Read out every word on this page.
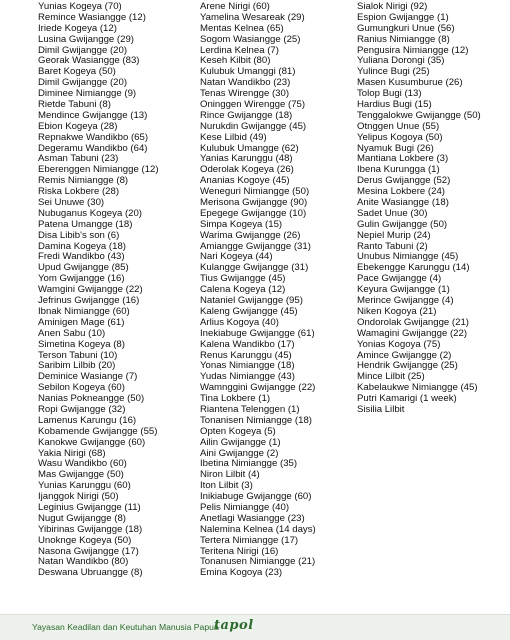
Yunias Kogeya (70)
Remince Wasiangge (12)
Iriede Kogeya (12)
Lusina Gwijangge (29)
Dimil Gwijangge (20)
Georak Wasiangge (83)
Baret Kogeya (50)
Dimil Gwijangge (20)
Diminee Nimiangge (9)
Rietde Tabuni (8)
Mendince Gwijangge (13)
Ebion Kogeya (28)
Repnakwe Wandikbo (65)
Degeramu Wandikbo (64)
Asman Tabuni (23)
Eberenggen Nimiangge (12)
Remis Nimiangge (8)
Riska Lokbere (28)
Sei Unuwe (30)
Nubuganus Kogeya (20)
Patena Umangge (18)
Disa Libib's son (6)
Damina Kogeya (18)
Fredi Wandikbo (43)
Upud Gwijangge (85)
Yom Gwijangge (16)
Wamgini Gwijangge (22)
Jefrinus Gwijangge (16)
Ibnak Nimiangge (60)
Aminigen Mage (61)
Anen Sabu (10)
Simetina Kogeya (8)
Terson Tabuni (10)
Saribim Lilbib (20)
Deminice Wasiange (7)
Sebilon Kogeya (60)
Nanias Pokneangge (50)
Ropi Gwijangge (32)
Lamenus Karungu (16)
Kobamende Gwijangge (55)
Kanokwe Gwijangge (60)
Yakia Nirigi (68)
Wasu Wandikbo (60)
Mas Gwijangge (50)
Yunias Karunggu (60)
Ijanggok Nirigi (50)
Leginius Gwijangge (11)
Nugut Gwijangge (8)
Yibirinas Gwijangge (18)
Unoknge Kogeya (50)
Nasona Gwijangge (17)
Natan Wandikbo (80)
Deswana Ubruangge (8)
Arene Nirigi (60)
Yamelina Wesareak (29)
Mentas Kelnea (65)
Sogom Wasiangge (25)
Lerdina Kelnea (7)
Keseh Kilbit (80)
Kulubuk Umanggi (81)
Natan Wandikbo (23)
Tenas Wirengge (30)
Oninggen Wirengge (75)
Rince Gwijangge (18)
Nurukdin Gwijangge (45)
Kese Lilbid (49)
Kulubuk Umangge (62)
Yanias Karunggu (48)
Oderolak Kogeya (26)
Ananias Kogoye (45)
Weneguri Nimiangge (50)
Merisona Gwijangge (90)
Epegege Gwijangge (10)
Simpa Kogeya (15)
Warima Gwijangge (26)
Amiangge Gwijangge (31)
Nari Kogeya (44)
Kulangge Gwijangge (31)
Tius Gwijangge (45)
Calena Kogeya (12)
Nataniel Gwijangge (95)
Kaleng Gwijangge (45)
Arlius Kogoya (40)
Inekiabuge Gwijangge (61)
Kalena Wandikbo (17)
Renus Karunggu (45)
Yonas Nimiangge (18)
Yudas Nimiangge (43)
Wamnggini Gwijangge (22)
Tina Lokbere (1)
Riantena Telenggen (1)
Tonanisen Nimiangge (18)
Opten Kogeya (5)
Ailin Gwijangge (1)
Aini Gwijangge (2)
Ibetina Nimiangge (35)
Niron Lilbit (4)
Iton Lilbit (3)
Inikiabuge Gwijangge (60)
Pelis Nimiangge (40)
Anetlagi Wasiangge (23)
Nalemina Kelnea (14 days)
Tertera Nimiangge (17)
Teritena Nirigi (16)
Tonanusen Nimiangge (21)
Emina Kogoya (23)
Sialok Nirigi (92)
Espion Gwijangge (1)
Gumungkuri Unue (56)
Ranius Nimiangge (8)
Pengusira Nimiangge (12)
Yuliana Dorongi (35)
Yulince Bugi (25)
Masen Kusumburue (26)
Tolop Bugi (13)
Hardius Bugi (15)
Tenggalokwe Gwijangge (50)
Otnggen Unue (55)
Yelipus Kogoya (50)
Nyamuk Bugi (26)
Mantiana Lokbere (3)
Ibena Kurungga (1)
Derus Gwijangge (52)
Mesina Lokbere (24)
Anite Wasiangge (18)
Sadet Unue (30)
Gulin Gwijangge (50)
Nepiel Murip (24)
Ranto Tabuni (2)
Unubus Nimiangge (45)
Ebekengge Karunggu (14)
Pace Gwijangge (4)
Keyura Gwijangge (1)
Merince Gwijangge (4)
Niken Kogoya (21)
Ondorolak Gwijangge (21)
Wamagini Gwijangge (22)
Yonias Kogoya (75)
Amince Gwijangge (2)
Hendrik Gwijangge (25)
Mince Lilbit (25)
Kabelaukwe Nimiangge (45)
Putri Kamarigi (1 week)
Sisilia Lilbit
Yayasan Keadilan dan Keutuhan Manusia Papua
tapol
